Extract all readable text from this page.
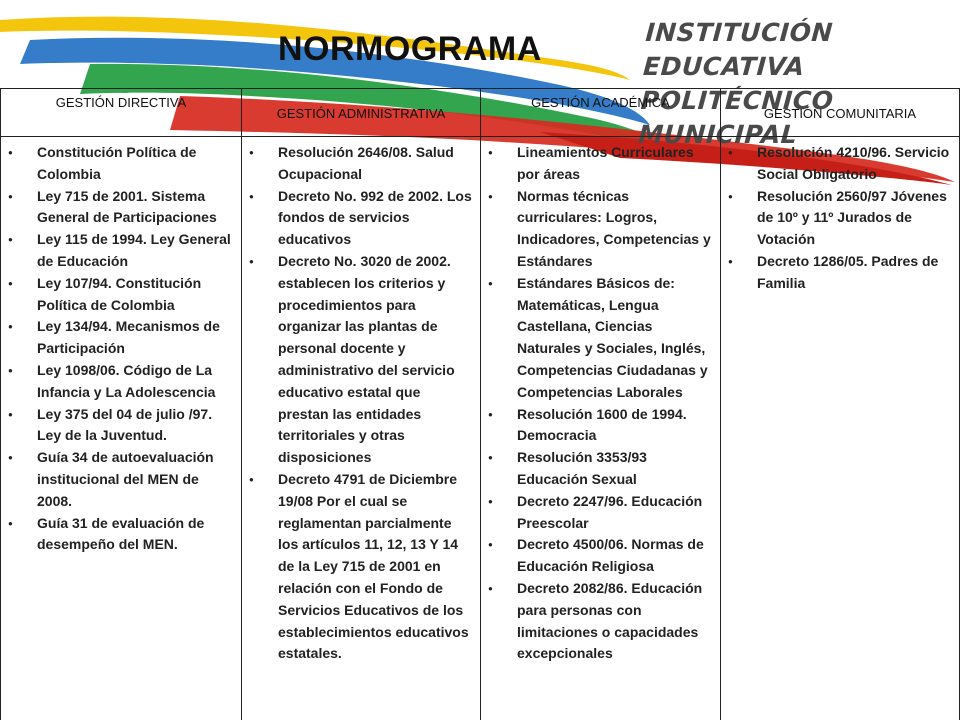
NORMOGRAMA	INSTITUCIÓN EDUCATIVA
POLITÉCNICO MUNICIPAL
GESTIÓN DIRECTIVA
● Constitución Política de Colombia
● Ley 715 de 2001. Sistema General de Participaciones
● Ley 115 de 1994. Ley General de Educación
● Ley 107/94. Constitución Política de Colombia
● Ley 134/94. Mecanismos de Participación
● Ley 1098/06. Código de La Infancia y La Adolescencia
● Ley 375 del 04 de julio /97. Ley de la Juventud.
● Guía 34 de autoevaluación institucional del MEN de 2008.
● Guía 31 de evaluación de desempeño del MEN.
GESTIÓN ADMINISTRATIVA
● Resolución 2646/08. Salud Ocupacional
● Decreto No. 992 de 2002. Los fondos de servicios educativos
● Decreto No. 3020 de 2002. establecen los criterios y procedimientos para organizar las plantas de personal docente y administrativo del servicio educativo estatal que prestan las entidades territoriales y otras disposiciones
● Decreto 4791 de Diciembre 19/08 Por el cual se reglamentan parcialmente los artículos 11, 12, 13 Y 14 de la Ley 715 de 2001 en relación con el Fondo de Servicios Educativos de los establecimientos educativos estatales.
GESTIÓN ACADÉMICA
● Lineamientos Curriculares por áreas
● Normas técnicas curriculares: Logros, Indicadores, Competencias y Estándares
● Estándares Básicos de: Matemáticas, Lengua Castellana, Ciencias Naturales y Sociales, Inglés, Competencias Ciudadanas y Competencias Laborales
● Resolución 1600 de 1994. Democracia
● Resolución 3353/93 Educación Sexual
● Decreto 2247/96. Educación Preescolar
● Decreto 4500/06. Normas de Educación Religiosa
● Decreto 2082/86. Educación para personas con limitaciones o capacidades excepcionales
GESTIÓN COMUNITARIA
● Resolución 4210/96. Servicio Social Obligatorio
● Resolución 2560/97 Jóvenes de 10º y 11º Jurados de Votación
● Decreto 1286/05. Padres de Familia
